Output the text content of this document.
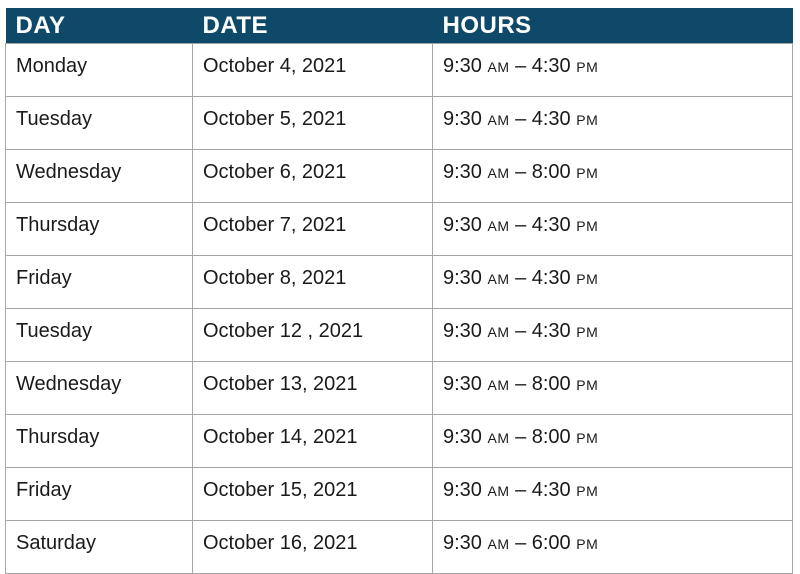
DAY	DATE	HOURS
Monday	October 4, 2021	9:30 AM – 4:30 PM
Tuesday	October 5, 2021	9:30 AM – 4:30 PM
Wednesday	October 6, 2021	9:30 AM – 8:00 PM
Thursday	October 7, 2021	9:30 AM – 4:30 PM
Friday	October 8, 2021	9:30 AM – 4:30 PM
Tuesday	October 12 , 2021	9:30 AM – 4:30 PM
Wednesday	October 13, 2021	9:30 AM – 8:00 PM
Thursday	October 14, 2021	9:30 AM – 8:00 PM
Friday	October 15, 2021	9:30 AM – 4:30 PM
Saturday	October 16, 2021	9:30 AM – 6:00 PM
